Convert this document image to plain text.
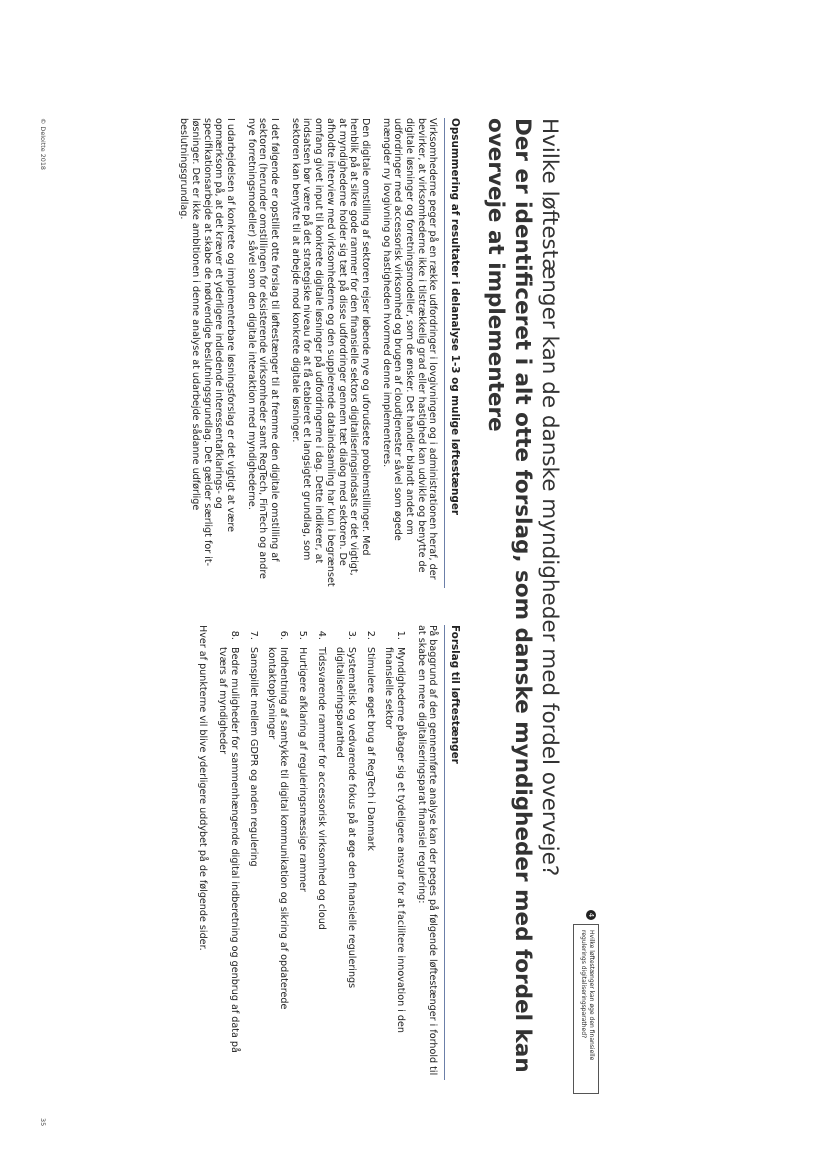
4
Hvilke løftestænger kan øge den finansielle regulerings digitaliseringsparathed?
Hvilke løftestænger kan de danske myndigheder med fordel overveje?
Der er identificeret i alt otte forslag, som danske myndigheder med fordel kan overveje at implementere
Opsummering af resultater i delanalyse 1-3 og mulige løftestænger

Virksomhederne peger på en række udfordringer i lovgivningen og i administrationen heraf, der bevirker, at virksomhederne ikke i tilstrækkelig grad eller hastighed kan udvikle og benytte de digitale løsninger og forretningsmodeller, som de ønsker. Det handler blandt andet om udfordringer med accessorisk virksomhed og brugen af cloudtjenester såvel som øgede mængder ny lovgivning og hastigheden hvormed denne implementeres.

Den digitale omstilling af sektoren rejser løbende nye og uforudsete problemstillinger. Med henblik på at sikre gode rammer for den finansielle sektors digitaliseringsindsats er det vigtigt, at myndighederne holder sig tæt på disse udfordringer gennem tæt dialog med sektoren. De afholdte interview med virksomhederne og den supplerende dataindsamling har kun i begrænset omfang givet input til konkrete digitale løsninger på udfordringerne i dag. Dette indikerer, at indsatsen bør være på det strategiske niveau for at få etableret et langsigtet grundlag, som sektoren kan benytte til at arbejde mod konkrete digitale løsninger.

I det følgende er opstillet otte forslag til løftestænger til at fremme den digitale omstilling af sektoren (herunder omstillingen for eksisterende virksomheder samt RegTech, FinTech og andre nye forretningsmodeller) såvel som den digitale interaktion med myndighederne.

I udarbejdelsen af konkrete og implementerbare løsningsforslag er det vigtigt at være opmærksom på, at det kræver et yderligere indledende interessentafklarings- og specifikationsarbejde at skabe de nødvendige beslutningsgrundlag. Det gælder særligt for it-løsninger. Det er ikke ambitionen i denne analyse at udarbejde sådanne udførlige beslutningsgrundlag.

Forslag til løftestænger

På baggrund af den gennemførte analyse kan der peges på følgende løftestænger i forhold til at skabe en mere digitaliseringsparat finansiel regulering:

1. Myndighederne påtager sig et tydeligere ansvar for at facilitere innovation i den finansielle sektor
2. Stimulere øget brug af RegTech i Danmark
3. Systematisk og vedvarende fokus på at øge den finansielle regulerings digitaliseringsparathed
4. Tidssvarende rammer for accessorisk virksomhed og cloud
5. Hurtigere afklaring af reguleringsmæssige rammer
6. Indhentning af samtykke til digital kommunikation og sikring af opdaterede kontaktoplysninger
7. Samspillet mellem GDPR og anden regulering
8. Bedre muligheder for sammenhængende digital indberetning og genbrug af data på tværs af myndigheder

Hver af punkterne vil blive yderligere uddybet på de følgende sider.

© Deloitte 2018
35
